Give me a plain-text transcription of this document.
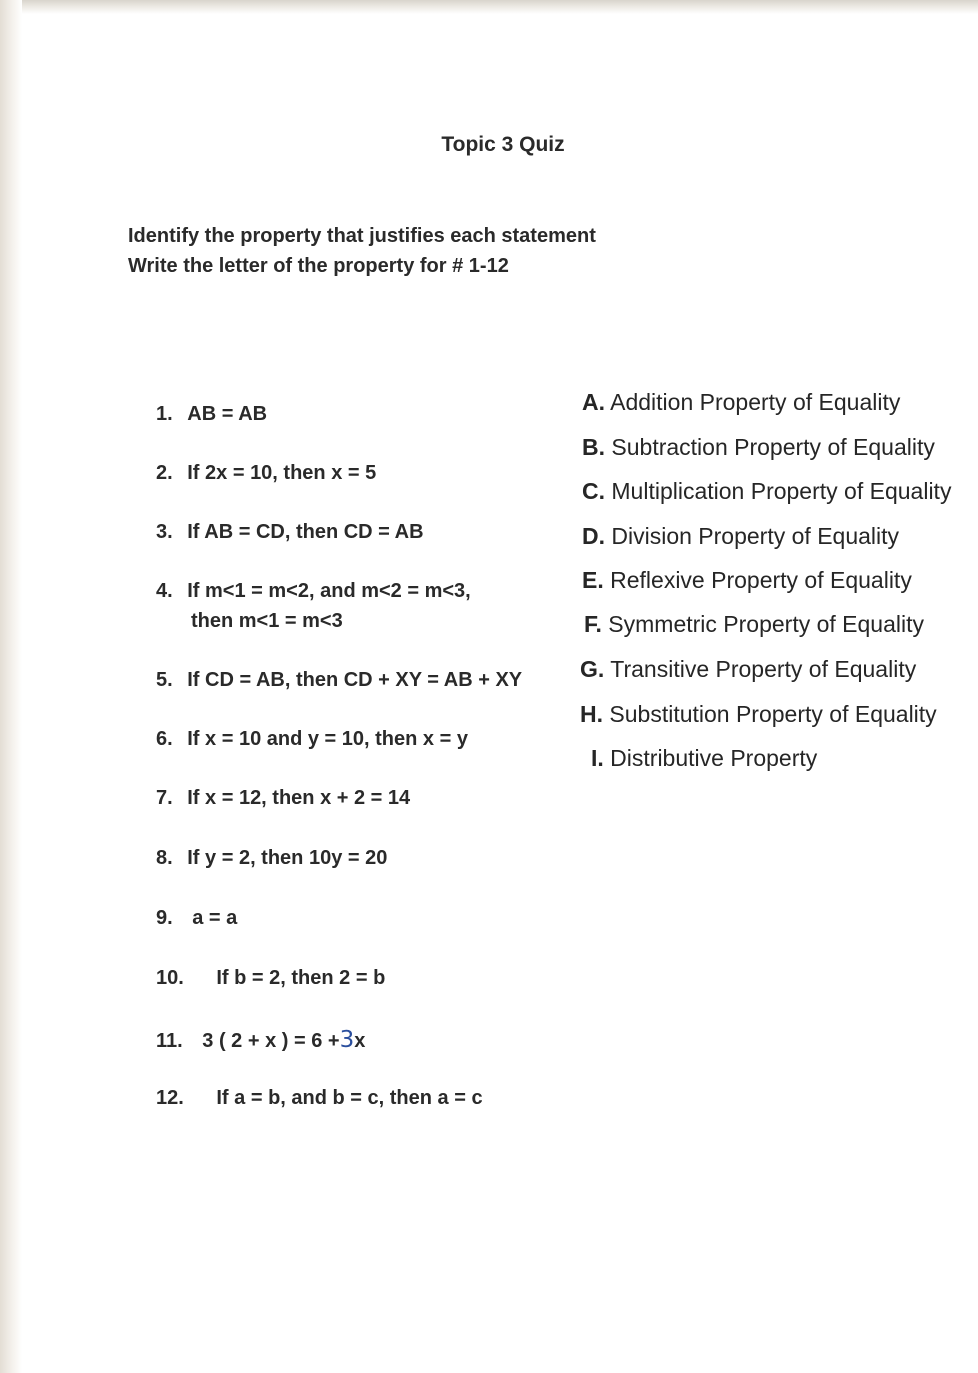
Topic 3 Quiz
Identify the property that justifies each statement
Write the letter of the property for # 1-12
1. AB = AB
2. If 2x = 10, then x = 5
3. If AB = CD, then CD = AB
4. If m<1 = m<2, and m<2 = m<3,
then m<1 = m<3
5. If CD = AB, then CD + XY = AB + XY
6. If x = 10 and y = 10, then x = y
7. If x = 12, then x + 2 = 14
8. If y = 2, then 10y = 20
9. a = a
10. If b = 2, then 2 = b
11. 3 ( 2 + x ) = 6 +3x
12. If a = b, and b = c, then a = c
A. Addition Property of Equality
B. Subtraction Property of Equality
C. Multiplication Property of Equality
D. Division Property of Equality
E. Reflexive Property of Equality
F. Symmetric Property of Equality
G. Transitive Property of Equality
H. Substitution Property of Equality
I. Distributive Property
